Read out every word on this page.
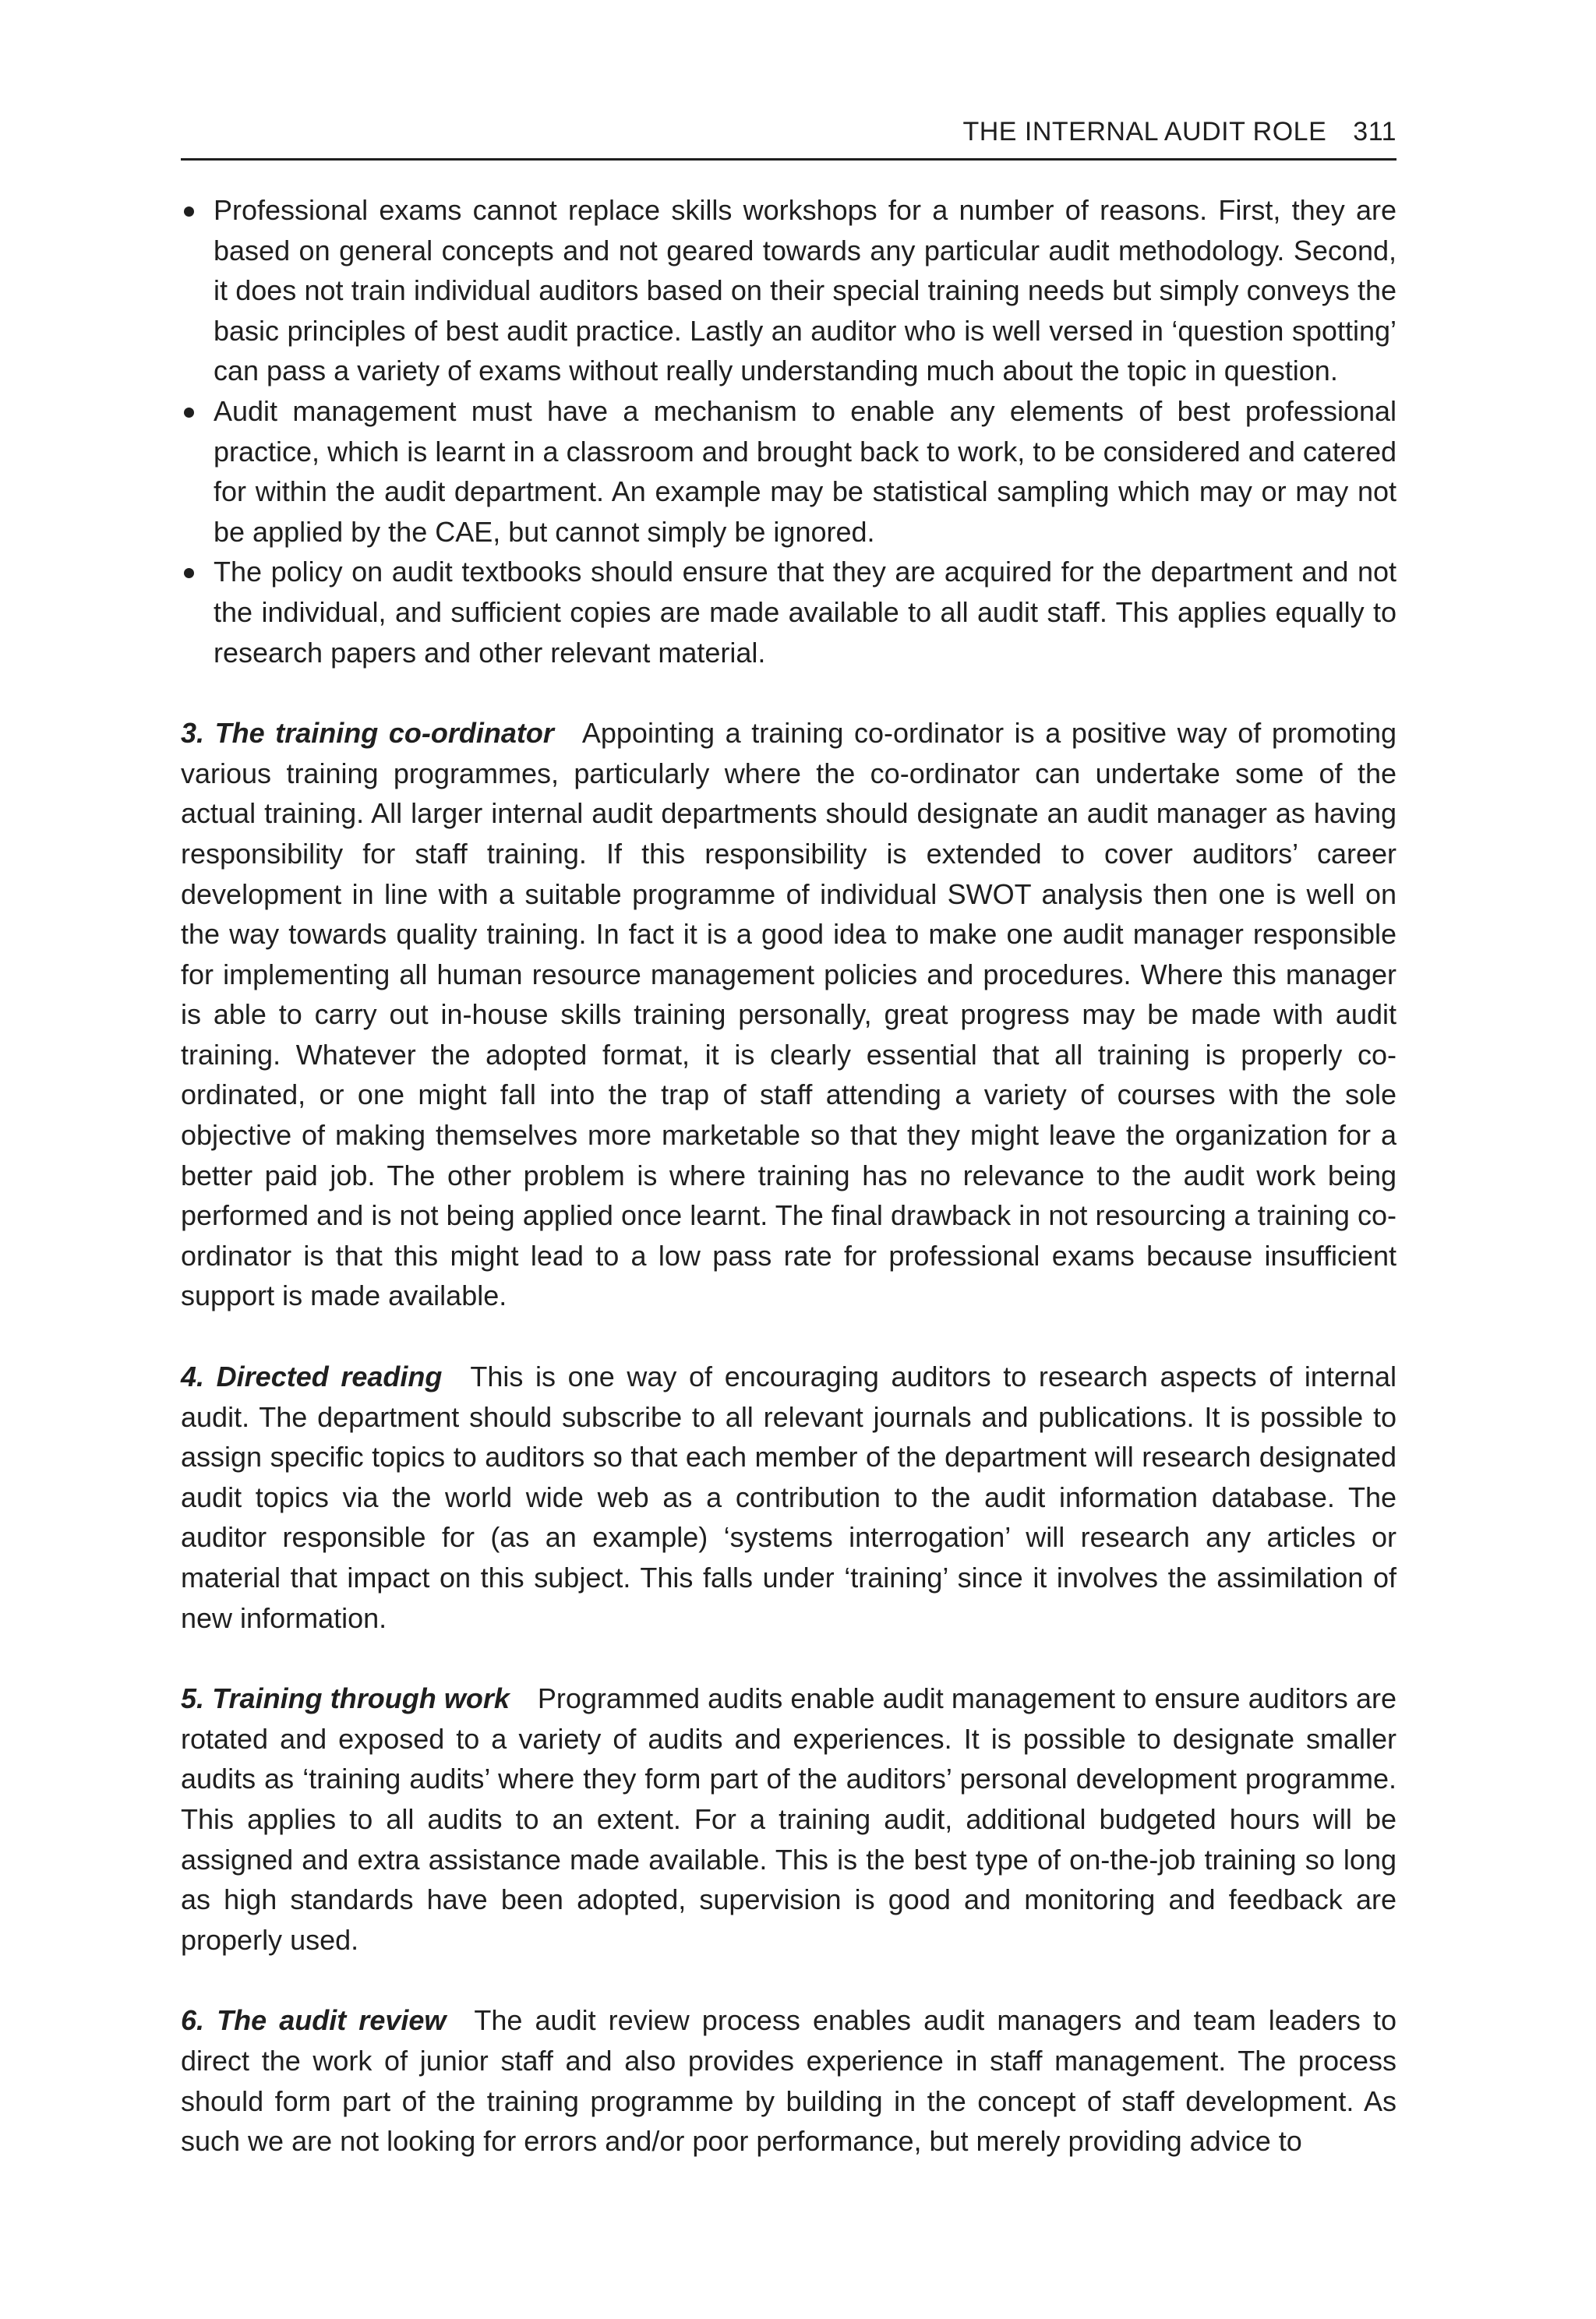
THE INTERNAL AUDIT ROLE 311
Professional exams cannot replace skills workshops for a number of reasons. First, they are based on general concepts and not geared towards any particular audit methodology. Second, it does not train individual auditors based on their special training needs but simply conveys the basic principles of best audit practice. Lastly an auditor who is well versed in ‘question spotting’ can pass a variety of exams without really understanding much about the topic in question.
Audit management must have a mechanism to enable any elements of best professional practice, which is learnt in a classroom and brought back to work, to be considered and catered for within the audit department. An example may be statistical sampling which may or may not be applied by the CAE, but cannot simply be ignored.
The policy on audit textbooks should ensure that they are acquired for the department and not the individual, and sufficient copies are made available to all audit staff. This applies equally to research papers and other relevant material.

3. The training co-ordinator Appointing a training co-ordinator is a positive way of promoting various training programmes, particularly where the co-ordinator can undertake some of the actual training. All larger internal audit departments should designate an audit manager as having responsibility for staff training. If this responsibility is extended to cover auditors’ career development in line with a suitable programme of individual SWOT analysis then one is well on the way towards quality training. In fact it is a good idea to make one audit manager responsible for implementing all human resource management policies and procedures. Where this manager is able to carry out in-house skills training personally, great progress may be made with audit training. Whatever the adopted format, it is clearly essential that all training is properly co-ordinated, or one might fall into the trap of staff attending a variety of courses with the sole objective of making themselves more marketable so that they might leave the organization for a better paid job. The other problem is where training has no relevance to the audit work being performed and is not being applied once learnt. The final drawback in not resourcing a training co-ordinator is that this might lead to a low pass rate for professional exams because insufficient support is made available.

4. Directed reading This is one way of encouraging auditors to research aspects of internal audit. The department should subscribe to all relevant journals and publications. It is possible to assign specific topics to auditors so that each member of the department will research designated audit topics via the world wide web as a contribution to the audit information database. The auditor responsible for (as an example) ‘systems interrogation’ will research any articles or material that impact on this subject. This falls under ‘training’ since it involves the assimilation of new information.

5. Training through work Programmed audits enable audit management to ensure auditors are rotated and exposed to a variety of audits and experiences. It is possible to designate smaller audits as ‘training audits’ where they form part of the auditors’ personal development programme. This applies to all audits to an extent. For a training audit, additional budgeted hours will be assigned and extra assistance made available. This is the best type of on-the-job training so long as high standards have been adopted, supervision is good and monitoring and feedback are properly used.

6. The audit review The audit review process enables audit managers and team leaders to direct the work of junior staff and also provides experience in staff management. The process should form part of the training programme by building in the concept of staff development. As such we are not looking for errors and/or poor performance, but merely providing advice to
